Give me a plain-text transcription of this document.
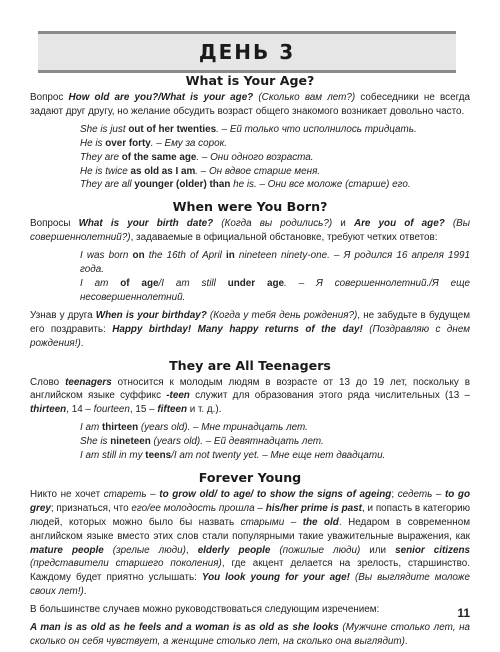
ДЕНЬ 3
What is Your Age?

Вопрос How old are you?/What is your age? (Сколько вам лет?) собеседники не всегда задают друг другу, но желание обсудить возраст общего знакомого возникает довольно часто.

She is just out of her twenties. – Ей только что исполнилось тридцать.

He is over forty. – Ему за сорок.

They are of the same age. – Они одного возраста.

He is twice as old as I am. – Он вдвое старше меня.

They are all younger (older) than he is. – Они все моложе (старше) его.

When were You Born?

Вопросы What is your birth date? (Когда вы родились?) и Are you of age? (Вы совершеннолетний?), задаваемые в официальной обстановке, требуют четких ответов:

I was born on the 16th of April in nineteen ninety-one. – Я родился 16 апреля 1991 года.

I am of age/I am still under age. – Я совершеннолетний./Я еще несовершеннолетний.

Узнав у друга When is your birthday? (Когда у тебя день рождения?), не забудьте в будущем его поздравить: Happy birthday! Many happy returns of the day! (Поздравляю с днем рождения!).

They are All Teenagers

Слово teenagers относится к молодым людям в возрасте от 13 до 19 лет, поскольку в английском языке суффикс -teen служит для образования этого ряда числительных (13 – thirteen, 14 – fourteen, 15 – fifteen и т. д.).

I am thirteen (years old). – Мне тринадцать лет.

She is nineteen (years old). – Ей девятнадцать лет.

I am still in my teens/I am not twenty yet. – Мне еще нет двадцати.

Forever Young

Никто не хочет стареть – to grow old/ to age/ to show the signs of ageing; седеть – to go grey; признаться, что его/ее молодость прошла – his/her prime is past, и попасть в категорию людей, которых можно было бы назвать старыми – the old. Недаром в современном английском языке вместо этих слов стали популярными такие уважительные выражения, как mature people (зрелые люди), elderly people (пожилые люди) или senior citizens (представители старшего поколения), где акцент делается на зрелость, старшинство. Каждому будет приятно услышать: You look young for your age! (Вы выглядите моложе своих лет!).

В большинстве случаев можно руководствоваться следующим изречением:

A man is as old as he feels and a woman is as old as she looks (Мужчине столько лет, на сколько он себя чувствует, а женщине столько лет, на сколько она выглядит).

11
